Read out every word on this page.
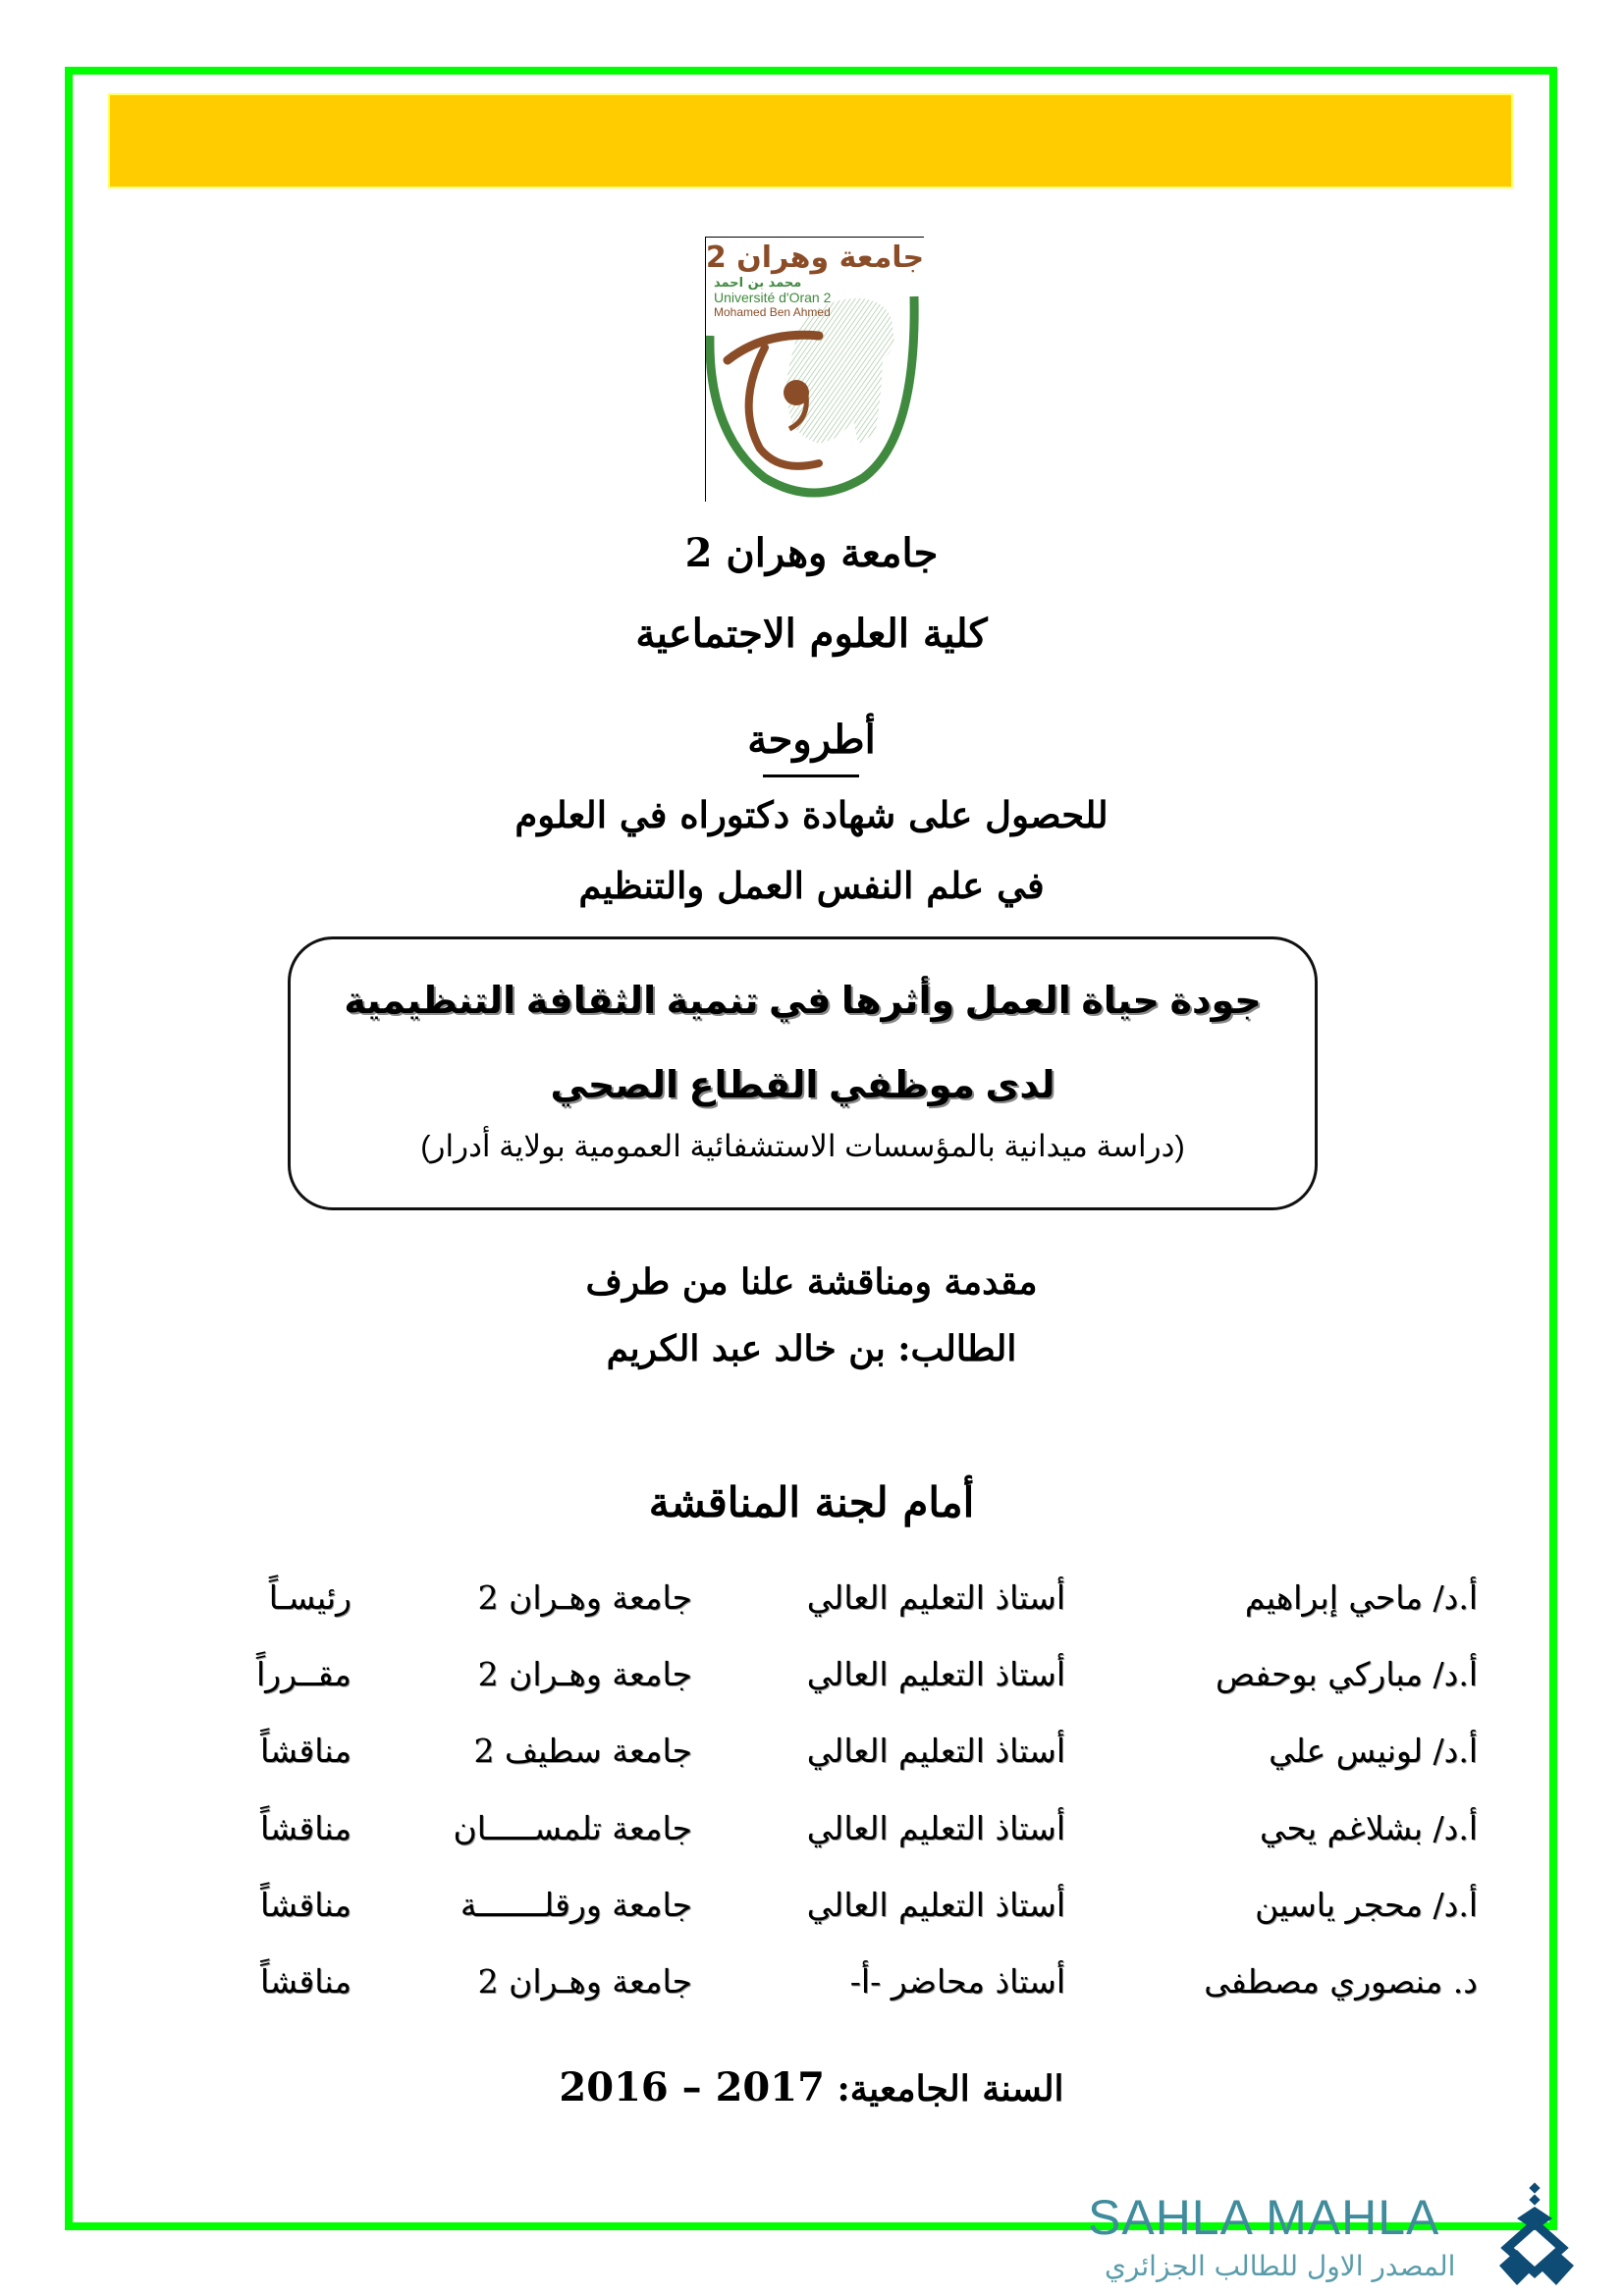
جامعة وهران 2
محمد بن احمد
Université d'Oran 2
Mohamed Ben Ahmed
جامعة وهران 2
كلية العلوم الاجتماعية
أطروحة
للحصول على شهادة دكتوراه في العلوم
في علم النفس العمل والتنظيم
جودة حياة العمل وأثرها في تنمية الثقافة التنظيمية
لدى موظفي القطاع الصحي
(دراسة ميدانية بالمؤسسات الاستشفائية العمومية بولاية أدرار)
مقدمة ومناقشة علنا من طرف
الطالب: بن خالد عبد الكريم
أمام لجنة المناقشة
أ.د/ ماحي إبراهيم
أستاذ التعليم العالي
جامعة وهـران 2
رئيسـاً
أ.د/ مباركي بوحفص
أستاذ التعليم العالي
جامعة وهـران 2
مقــرراً
أ.د/ لونيس علي
أستاذ التعليم العالي
جامعة سطيف 2
مناقشاً
أ.د/ بشلاغم يحي
أستاذ التعليم العالي
جامعة تلمســـــان
مناقشاً
أ.د/ محجر ياسين
أستاذ التعليم العالي
جامعة ورقلـــــــة
مناقشاً
د. منصوري مصطفى
أستاذ محاضر -أ-
جامعة وهـران 2
مناقشاً
السنة الجامعية: 2016 – 2017
SAHLA MAHLA
المصدر الاول للطالب الجزائري
